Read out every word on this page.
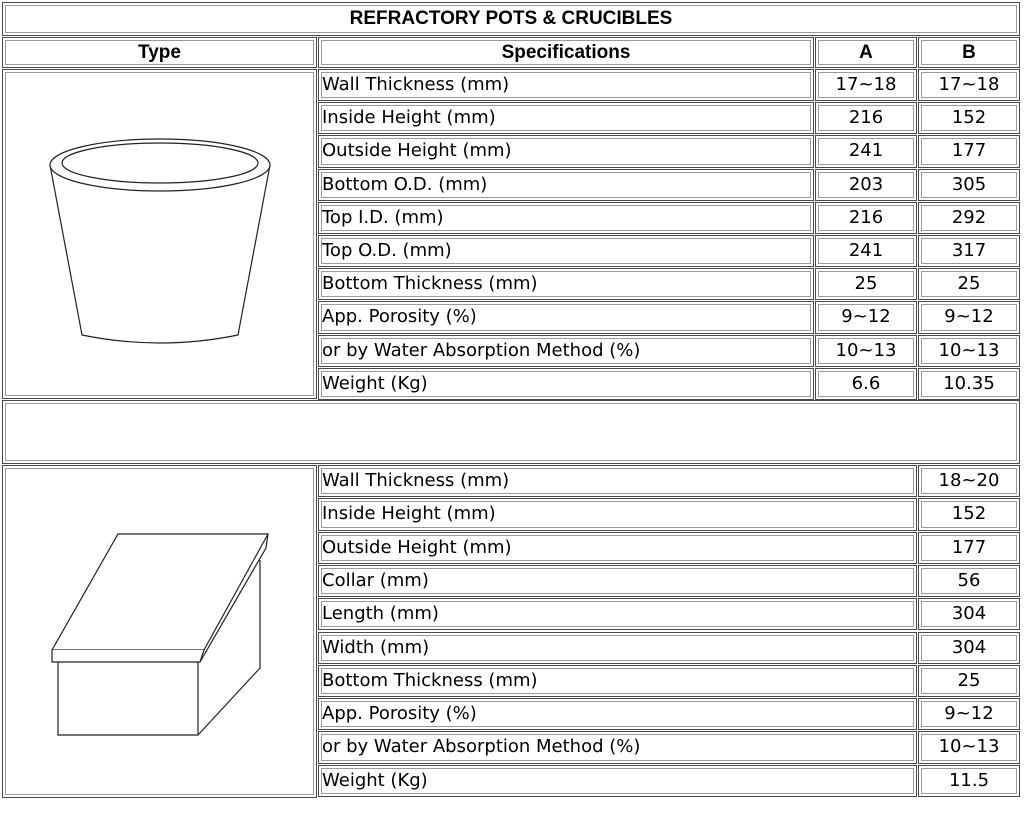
REFRACTORY POTS & CRUCIBLES
Type	Specifications	A	B
Wall Thickness (mm)	17~18	17~18
Inside Height (mm)	216	152
Outside Height (mm)	241	177
Bottom O.D. (mm)	203	305
Top I.D. (mm)	216	292
Top O.D. (mm)	241	317
Bottom Thickness (mm)	25	25
App. Porosity (%)	9~12	9~12
or by Water Absorption Method (%)	10~13	10~13
Weight (Kg)	6.6	10.35
Wall Thickness (mm)	18~20
Inside Height (mm)	152
Outside Height (mm)	177
Collar (mm)	56
Length (mm)	304
Width (mm)	304
Bottom Thickness (mm)	25
App. Porosity (%)	9~12
or by Water Absorption Method (%)	10~13
Weight (Kg)	11.5
